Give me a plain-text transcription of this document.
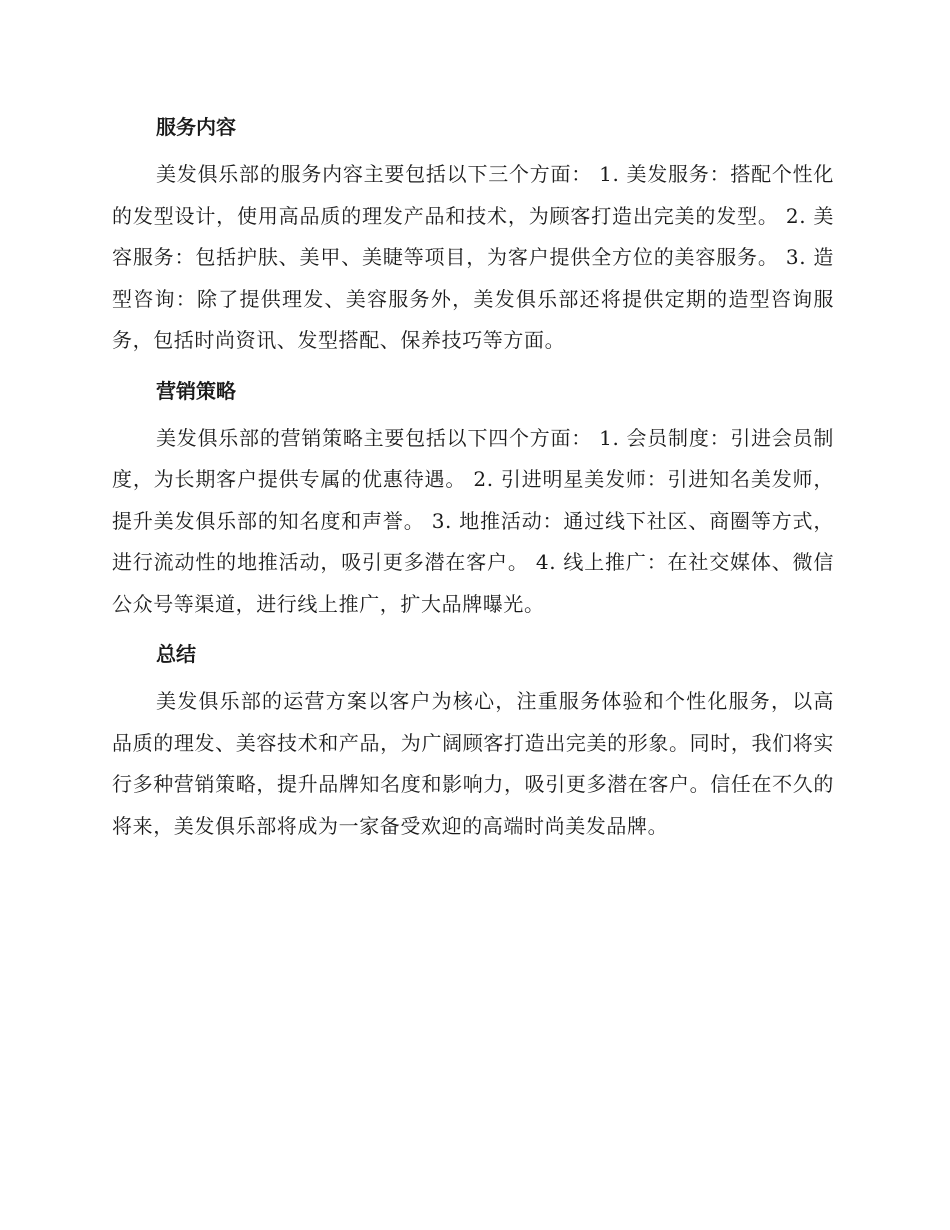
服务内容

美发俱乐部的服务内容主要包括以下三个方面： 1. 美发服务：搭配个性化的发型设计，使用高品质的理发产品和技术，为顾客打造出完美的发型。 2. 美容服务：包括护肤、美甲、美睫等项目，为客户提供全方位的美容服务。 3. 造型咨询：除了提供理发、美容服务外，美发俱乐部还将提供定期的造型咨询服务，包括时尚资讯、发型搭配、保养技巧等方面。

营销策略

美发俱乐部的营销策略主要包括以下四个方面： 1. 会员制度：引进会员制度，为长期客户提供专属的优惠待遇。 2. 引进明星美发师：引进知名美发师，提升美发俱乐部的知名度和声誉。 3. 地推活动：通过线下社区、商圈等方式，进行流动性的地推活动，吸引更多潜在客户。 4. 线上推广：在社交媒体、微信公众号等渠道，进行线上推广，扩大品牌曝光。

总结

美发俱乐部的运营方案以客户为核心，注重服务体验和个性化服务，以高品质的理发、美容技术和产品，为广阔顾客打造出完美的形象。同时，我们将实行多种营销策略，提升品牌知名度和影响力，吸引更多潜在客户。信任在不久的将来，美发俱乐部将成为一家备受欢迎的高端时尚美发品牌。
